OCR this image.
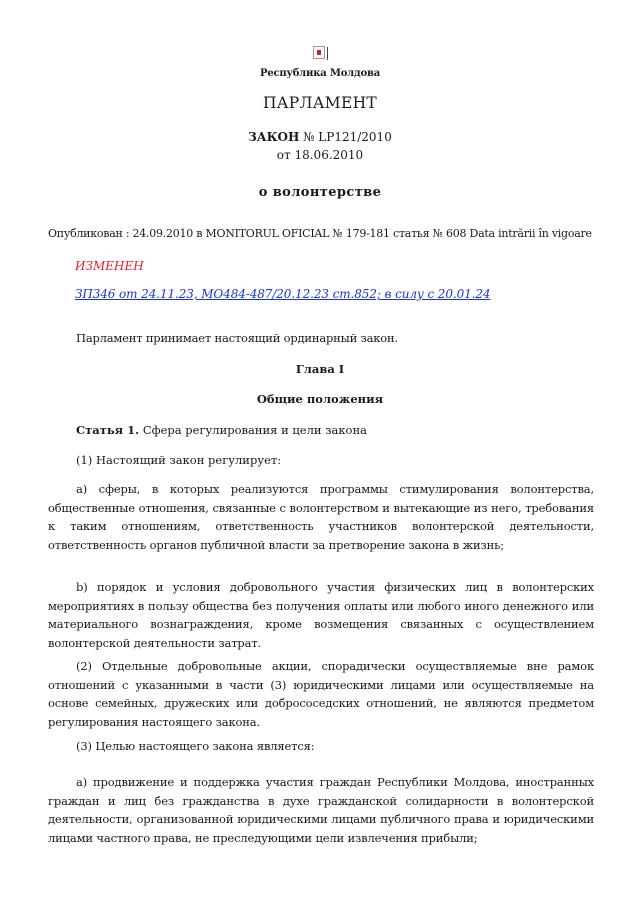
Республика Молдова
ПАРЛАМЕНТ
ЗАКОН № LP121/2010
от 18.06.2010
о волонтерстве
Опубликован : 24.09.2010 в MONITORUL OFICIAL № 179-181 статья № 608 Data intrării în vigoare
ИЗМЕНЕН
ЗП346 от 24.11.23, МО484-487/20.12.23 ст.852; в силу с 20.01.24
Парламент принимает настоящий ординарный закон.
Глава I
Общие положения
Статья 1. Сфера регулирования и цели закона
(1) Настоящий закон регулирует:
а) сферы, в которых реализуются программы стимулирования волонтерства, общественные отношения, связанные с волонтерством и вытекающие из него, требования к таким отношениям, ответственность участников волонтерской деятельности, ответственность органов публичной власти за претворение закона в жизнь;
b) порядок и условия добровольного участия физических лиц в волонтерских мероприятиях в пользу общества без получения оплаты или любого иного денежного или материального вознаграждения, кроме возмещения связанных с осуществлением волонтерской деятельности затрат.
(2) Отдельные добровольные акции, спорадически осуществляемые вне рамок отношений с указанными в части (3) юридическими лицами или осуществляемые на основе семейных, дружеских или добрососедских отношений, не являются предметом регулирования настоящего закона.
(3) Целью настоящего закона является:
а) продвижение и поддержка участия граждан Республики Молдова, иностранных граждан и лиц без гражданства в духе гражданской солидарности в волонтерской деятельности, организованной юридическими лицами публичного права и юридическими лицами частного права, не преследующими цели извлечения прибыли;
